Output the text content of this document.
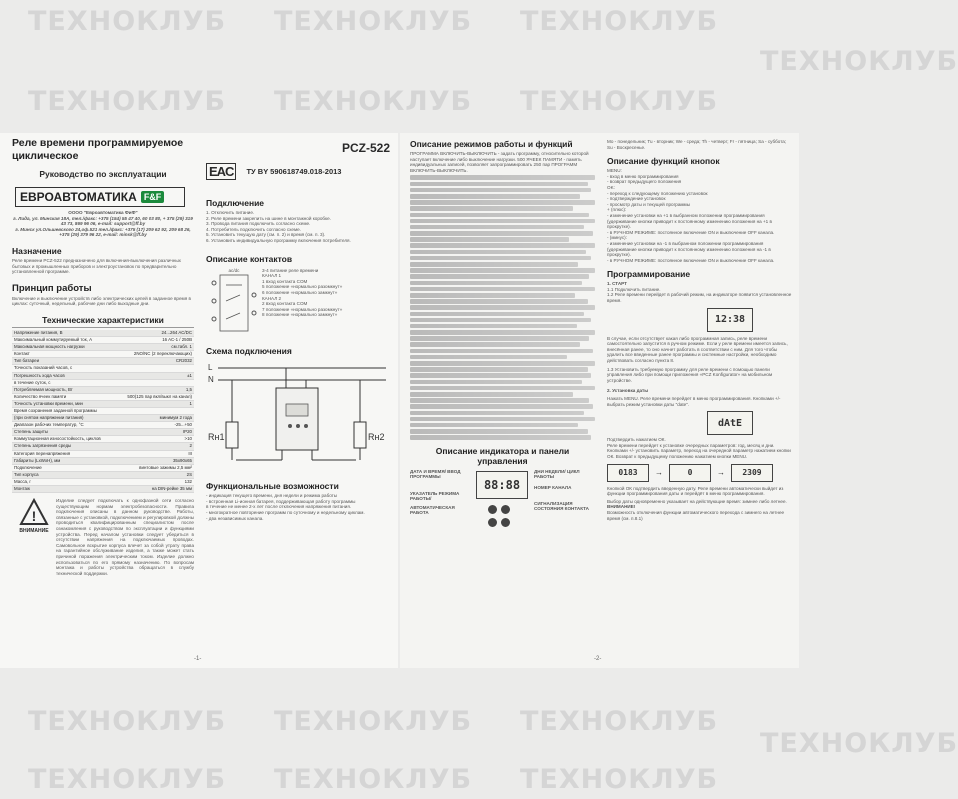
Реле времени программируемое циклическое
Руководство по эксплуатации
ЕВРОАВТОМАТИКА F&F
ОООО "Евроавтоматика ФиФ"
г. Лида, ул. Минская 18А, тел./факс: +375 (154) 55 47 40, 60 03 80, + 375 (29) 319 43 73, 869 96 06, e-mail: support@ff.by
г. Минск ул.Ольшевского 24,оф.521 тел./факс: +375 (17) 209 62 92, 209 68 26, +375 (29) 379 96 22, e-mail: minsk@ff.by
Назначение
Реле времени PCZ-522 предназначено для включения-выключения различных бытовых и промышленных приборов и электроустановок по предварительно установленной программе.
Принцип работы
Включение и выключение устройств либо электрических цепей в заданное время в циклах: суточный, недельный, рабочие дни либо выходные дни.
Технические характеристики
Напряжение питания, В	24...264 AC/DC
Максимальный коммутируемый ток, А	16 AC-1 / 250В
Максимальная мощность нагрузки	см.табл. 1
Контакт	2NO/NC (2 переключающих)
Тип батареи	CR2032
Точность показаний часов, с
Погрешность хода часов	±1
в течение суток, с
Потребляемая мощность, Вт	1,5
Количество ячеек памяти	500(125 пар вкл/выкл на канал)
Точность установки времени, мин	1
Время сохранения заданной программы
(при снятом напряжении питания)	минимум 2 года
Диапазон рабочих температур, °C	-25...+50
Степень защиты	IP20
Коммутационная износостойкость, циклов	>10
Степень загрязнения среды	2
Категория перенапряжения	III
Габариты (LxWxH), мм	35x90x65
Подключение	винтовые зажимы 2,5 мм²
Тип корпуса	2S
Масса, г	132
Монтаж	на DIN-рейке 35 мм
!
ВНИМАНИЕ
Изделие следует подключать к однофазной сети согласно существующим нормам электробезопасности. Правила подключения описаны в данном руководстве. Работы, связанные с установкой, подключением и регулировкой должны проводиться квалифицированным специалистом после ознакомления с руководством по эксплуатации и функциями устройства. Перед началом установки следует убедиться в отсутствии напряжения на подключаемых проводах. Самовольное вскрытие корпуса влечет за собой утрату права на гарантийное обслуживание изделия, а также может стать причиной поражения электрическим током. Изделие должно использоваться по его прямому назначению. По вопросам монтажа и работы устройства обращаться в службу технической поддержки.
PCZ-522
EAC	ТУ BY 590618749.018-2013
Подключение
1. Отключить питание.
2. Реле времени закрепить на шине в монтажной коробке.
3. Провода питания подключить согласно схеме.
4. Потребитель подключить согласно схеме.
5. Установить текущую дату (см. п. 2) и время (см. п. 3).
6. Установить индивидуальную программу включения потребителя.
Описание контактов
ac/dc	3-4 питание реле времени
КАНАЛ 1
1 вход контакта COM
5 положение «нормально разомкнут»
6 положение «нормально замкнут»
КАНАЛ 2
2 вход контакта COM
7 положение «нормально разомкнут»
8 положение «нормально замкнут»
Схема подключения
L
N
Rн1	Rн2
Функциональные возможности
- индикация текущего времени, дня недели и режима работы
- встроенная Li-ионная батарея, поддерживающая работу программы
в течение не менее 2-х лет после отключения напряжения питания.
- многократное повторение программ по суточному и недельному циклам.
- два независимых канала.
-1-
Описание режимов работы и функций
ПРОГРАММА ВКЛЮЧИТЬ-ВЫКЛЮЧИТЬ - задать программу, относительно которой наступает включение либо выключение нагрузки. 500 ЯЧЕЕК ПАМЯТИ - память индивидуальных записей, позволяет запрограммировать 250 пар ПРОГРАММ ВКЛЮЧИТЬ-ВЫКЛЮЧИТЬ.
Описание индикатора и панели управления
ДАТА И ВРЕМЯ/ ВВОД ПРОГРАММЫ
УКАЗАТЕЛЬ РЕЖИМА РАБОТЫ/
АВТОМАТИЧЕСКАЯ РАБОТА
88:88
ДНИ НЕДЕЛИ/ ЦИКЛ РАБОТЫ
НОМЕР КАНАЛА
СИГНАЛИЗАЦИЯ СОСТОЯНИЯ КОНТАКТА
Mo - понедельник; Tu - вторник; We - среда; Th - четверг; Fr - пятница; Sa - суббота; Su - Воскресенье.
Описание функций кнопок
MENU:
- вход в меню программирования
- возврат предыдущего положения
OK:
- переход к следующему положению установок
- подтверждение установок
- просмотр даты и текущей программы
+ (плюс):
- изменение установки на +1 в выбранном положении программирования (удерживание кнопки приводит к постоянному изменению положения на +1 в прокрутке).
- в РУЧНОМ РЕЖИМЕ: постоянное включение ON и выключение OFF канала.
- (минус):
- изменение установки на -1 в выбранном положении программирования (удерживание кнопки приводит к постоянному изменению положения на -1 в прокрутке).
- в РУЧНОМ РЕЖИМЕ: постоянное включение ON и выключение OFF канала.
Программирование
1. СТАРТ
1.1 Подключить питание.
1.2 Реле времени перейдет в рабочий режим, на индикаторе появится установленное время.
12:38
В случае, если отсутствует какая либо программная запись, реле времени самостоятельно запустится в ручном режиме. Если у реле времени имеется запись, внесённая ранее, то оно начнет работать в соответствии с ним. Для того чтобы удалить все введенные ранее программы и системные настройки, необходимо действовать согласно пункта 8.
1.3 Установить требуемую программу для реле времени с помощью панели управления либо при помощи приложения «PCZ Konfigurator» на мобильном устройстве.
2. Установка даты
Нажать MENU. Реле времени перейдет в меню программирования. Кнопками +/- выбрать режим установки даты "date".
dAtE
Подтвердить нажатием ОК.
Реле времени перейдет к установке очередных параметров: год, месяц и дни. Кнопками +/- установить параметр, переход на очередной параметр нажатием кнопки ОК. Возврат к предыдущему положению нажатием кнопки MENU.
0183 →	0	→ 2309
Кнопкой ОК подтвердить введенную дату. Реле времени автоматически выйдет из функции программирования даты и перейдёт в меню программирования.
Выбор даты одновременно указывает на действующие время: зимнее либо летнее.
ВНИМАНИЕ!
Возможность отключения функции автоматического перехода с зимнего на летнее время (см. п.8.1)
-2-
ТЕХНОКЛУБ ТЕХНОКЛУБ ТЕХНОКЛУБ
ТЕХНОКЛУБ ТЕХНОКЛУБ ТЕХНОКЛУБ
ТЕХНОКЛУБ ТЕХНОКЛУБ ТЕХНОКЛУБ
ТЕХНОКЛУБ ТЕХНОКЛУБ ТЕХНОКЛУБ
ТЕХНОКЛУБ
ТЕХНОКЛУБ
